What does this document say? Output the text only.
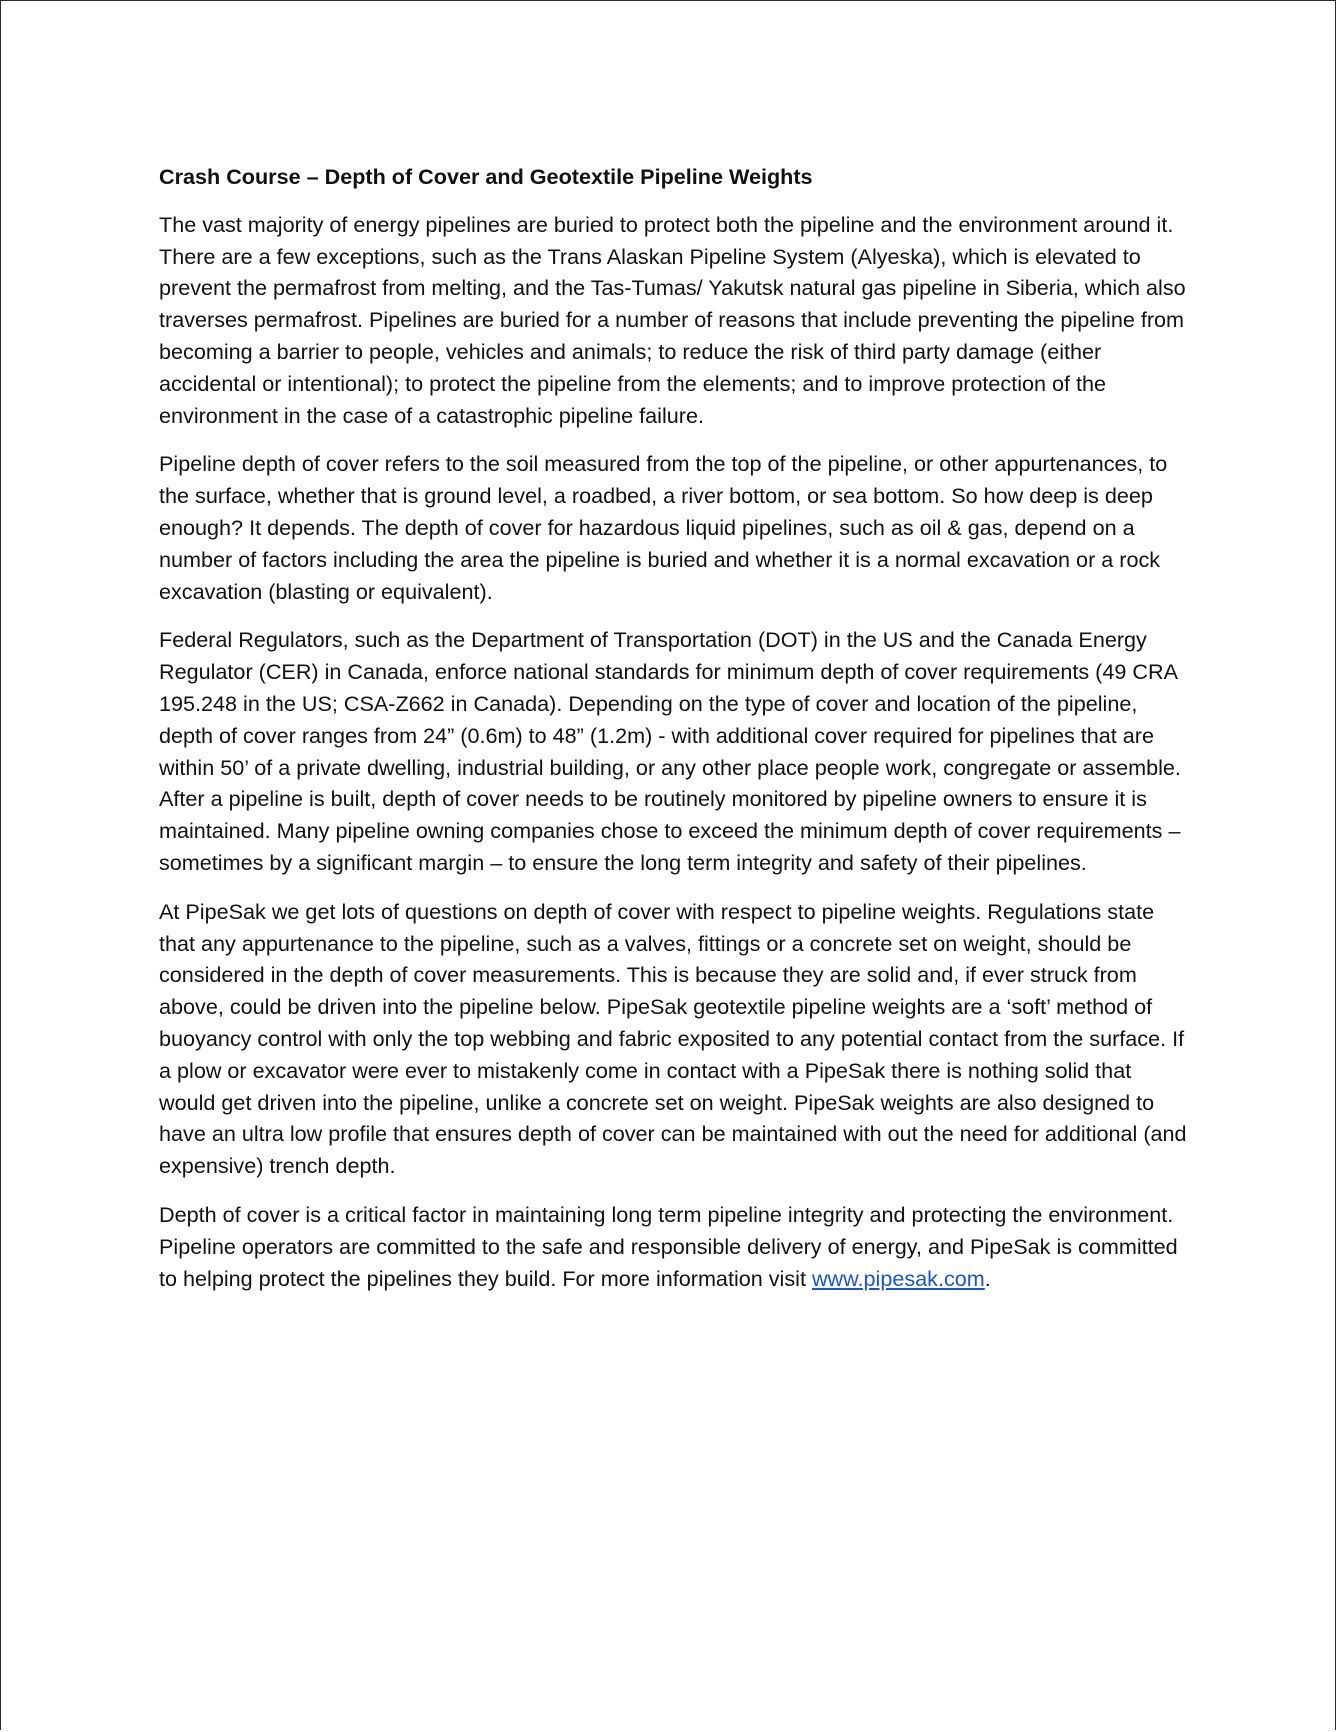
Crash Course – Depth of Cover and Geotextile Pipeline Weights

The vast majority of energy pipelines are buried to protect both the pipeline and the environment around it. There are a few exceptions, such as the Trans Alaskan Pipeline System (Alyeska), which is elevated to prevent the permafrost from melting, and the Tas-Tumas/ Yakutsk natural gas pipeline in Siberia, which also traverses permafrost. Pipelines are buried for a number of reasons that include preventing the pipeline from becoming a barrier to people, vehicles and animals; to reduce the risk of third party damage (either accidental or intentional); to protect the pipeline from the elements; and to improve protection of the environment in the case of a catastrophic pipeline failure.

Pipeline depth of cover refers to the soil measured from the top of the pipeline, or other appurtenances, to the surface, whether that is ground level, a roadbed, a river bottom, or sea bottom. So how deep is deep enough? It depends. The depth of cover for hazardous liquid pipelines, such as oil & gas, depend on a number of factors including the area the pipeline is buried and whether it is a normal excavation or a rock excavation (blasting or equivalent).

Federal Regulators, such as the Department of Transportation (DOT) in the US and the Canada Energy Regulator (CER) in Canada, enforce national standards for minimum depth of cover requirements (49 CRA 195.248 in the US; CSA-Z662 in Canada). Depending on the type of cover and location of the pipeline, depth of cover ranges from 24” (0.6m) to 48” (1.2m) - with additional cover required for pipelines that are within 50’ of a private dwelling, industrial building, or any other place people work, congregate or assemble. After a pipeline is built, depth of cover needs to be routinely monitored by pipeline owners to ensure it is maintained. Many pipeline owning companies chose to exceed the minimum depth of cover requirements – sometimes by a significant margin – to ensure the long term integrity and safety of their pipelines.

At PipeSak we get lots of questions on depth of cover with respect to pipeline weights. Regulations state that any appurtenance to the pipeline, such as a valves, fittings or a concrete set on weight, should be considered in the depth of cover measurements. This is because they are solid and, if ever struck from above, could be driven into the pipeline below. PipeSak geotextile pipeline weights are a ‘soft’ method of buoyancy control with only the top webbing and fabric exposited to any potential contact from the surface. If a plow or excavator were ever to mistakenly come in contact with a PipeSak there is nothing solid that would get driven into the pipeline, unlike a concrete set on weight. PipeSak weights are also designed to have an ultra low profile that ensures depth of cover can be maintained with out the need for additional (and expensive) trench depth.

Depth of cover is a critical factor in maintaining long term pipeline integrity and protecting the environment. Pipeline operators are committed to the safe and responsible delivery of energy, and PipeSak is committed to helping protect the pipelines they build. For more information visit www.pipesak.com.
